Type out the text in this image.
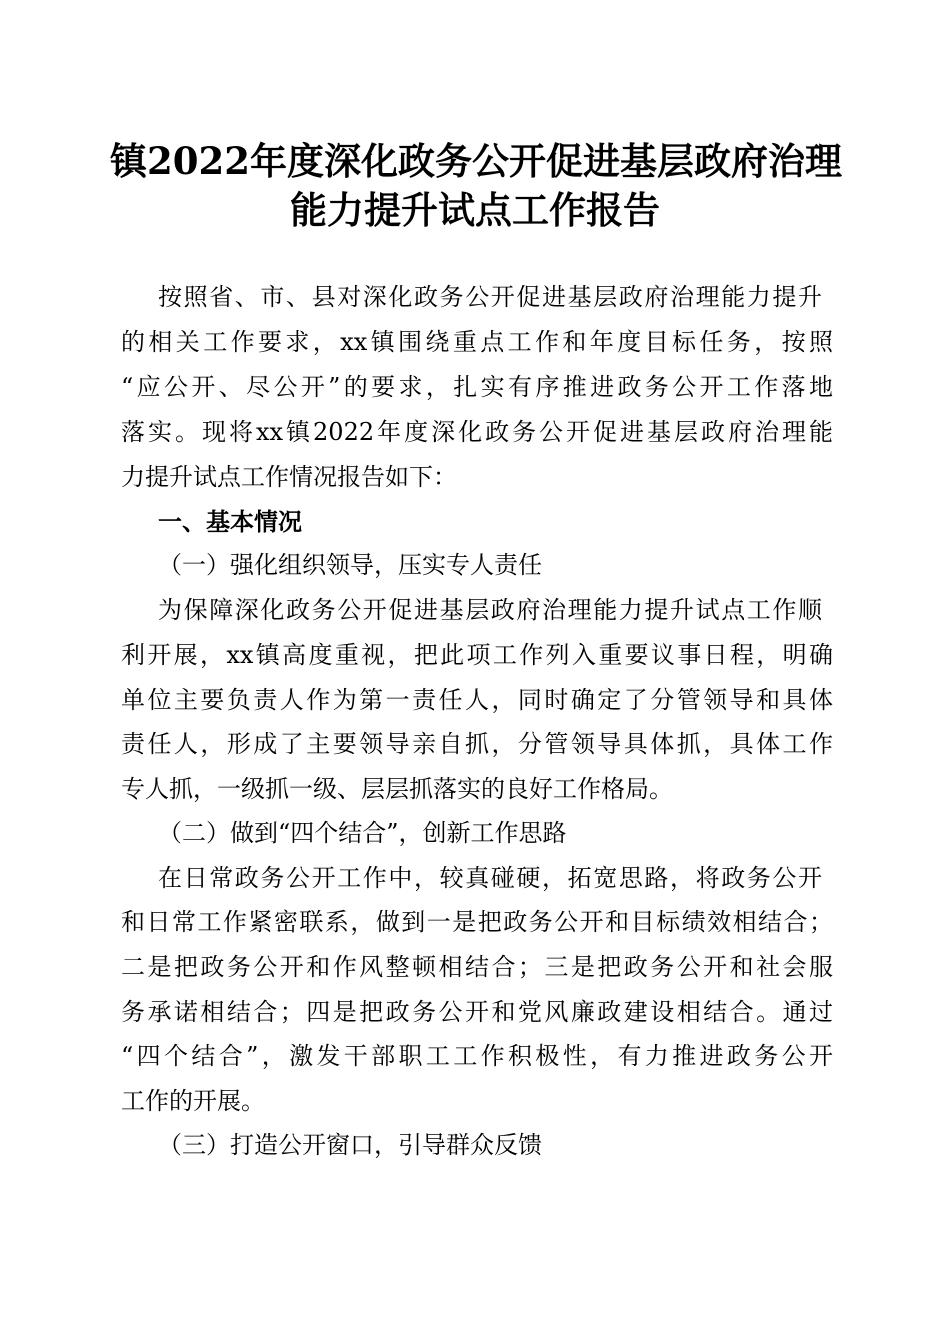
镇2022年度深化政务公开促进基层政府治理
能力提升试点工作报告
按照省、市、县对深化政务公开促进基层政府治理能力提升
的相关工作要求，xx镇围绕重点工作和年度目标任务，按照
“应公开、尽公开”的要求，扎实有序推进政务公开工作落地
落实。现将xx镇2022年度深化政务公开促进基层政府治理能
力提升试点工作情况报告如下：
一、基本情况
（一）强化组织领导，压实专人责任
为保障深化政务公开促进基层政府治理能力提升试点工作顺
利开展，xx镇高度重视，把此项工作列入重要议事日程，明确
单位主要负责人作为第一责任人，同时确定了分管领导和具体
责任人，形成了主要领导亲自抓，分管领导具体抓，具体工作
专人抓，一级抓一级、层层抓落实的良好工作格局。
（二）做到“四个结合”，创新工作思路
在日常政务公开工作中，较真碰硬，拓宽思路，将政务公开
和日常工作紧密联系，做到一是把政务公开和目标绩效相结合；
二是把政务公开和作风整顿相结合；三是把政务公开和社会服
务承诺相结合；四是把政务公开和党风廉政建设相结合。通过
“四个结合”，激发干部职工工作积极性，有力推进政务公开
工作的开展。
（三）打造公开窗口，引导群众反馈
